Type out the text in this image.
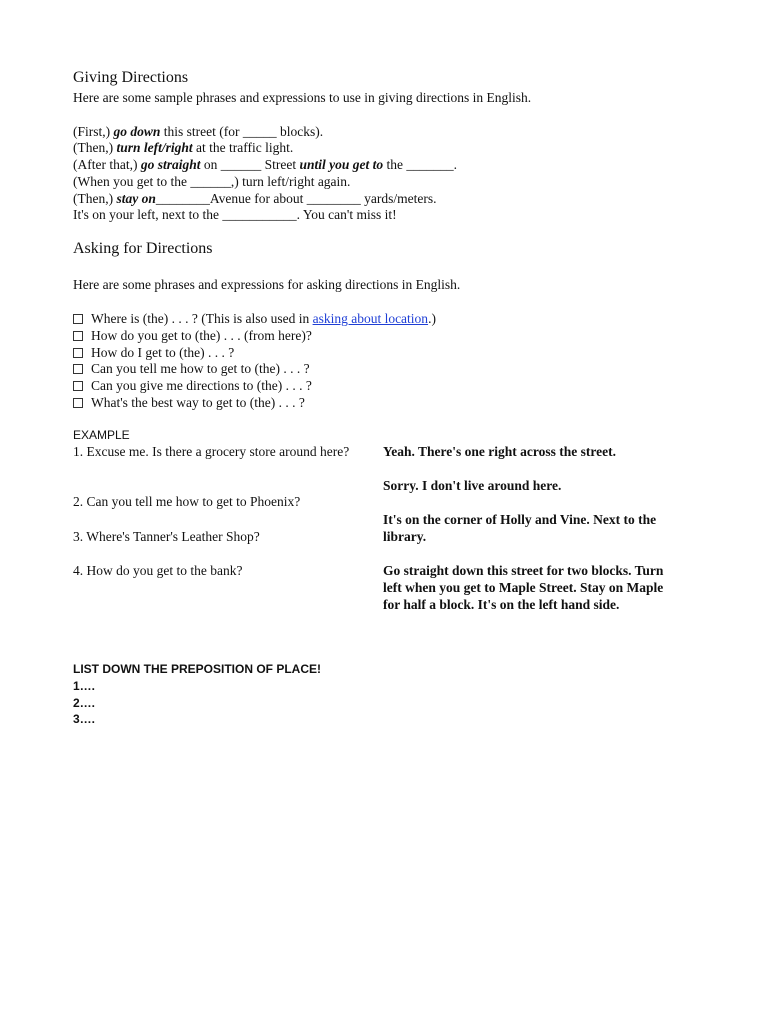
Giving Directions
Here are some sample phrases and expressions to use in giving directions in English.
(First,) go down this street (for _____ blocks).
(Then,) turn left/right at the traffic light.
(After that,) go straight on ______ Street until you get to the _______.
(When you get to the ______,) turn left/right again.
(Then,) stay on________Avenue for about ________ yards/meters.
It's on your left, next to the ___________. You can't miss it!
Asking for Directions
Here are some phrases and expressions for asking directions in English.
Where is (the) . . . ? (This is also used in asking about location.)
How do you get to (the) . . . (from here)?
How do I get to (the) . . . ?
Can you tell me how to get to (the) . . . ?
Can you give me directions to (the) . . . ?
What's the best way to get to (the) . . . ?
EXAMPLE
1. Excuse me. Is there a grocery store around here?	Yeah. There's one right across the street.
2. Can you tell me how to get to Phoenix?
Sorry. I don't live around here.
3. Where's Tanner's Leather Shop?
It's on the corner of Holly and Vine. Next to the library.
4. How do you get to the bank?	Go straight down this street for two blocks. Turn left when you get to Maple Street. Stay on Maple for half a block. It's on the left hand side.
LIST DOWN THE PREPOSITION OF PLACE!
1….
2….
3….
